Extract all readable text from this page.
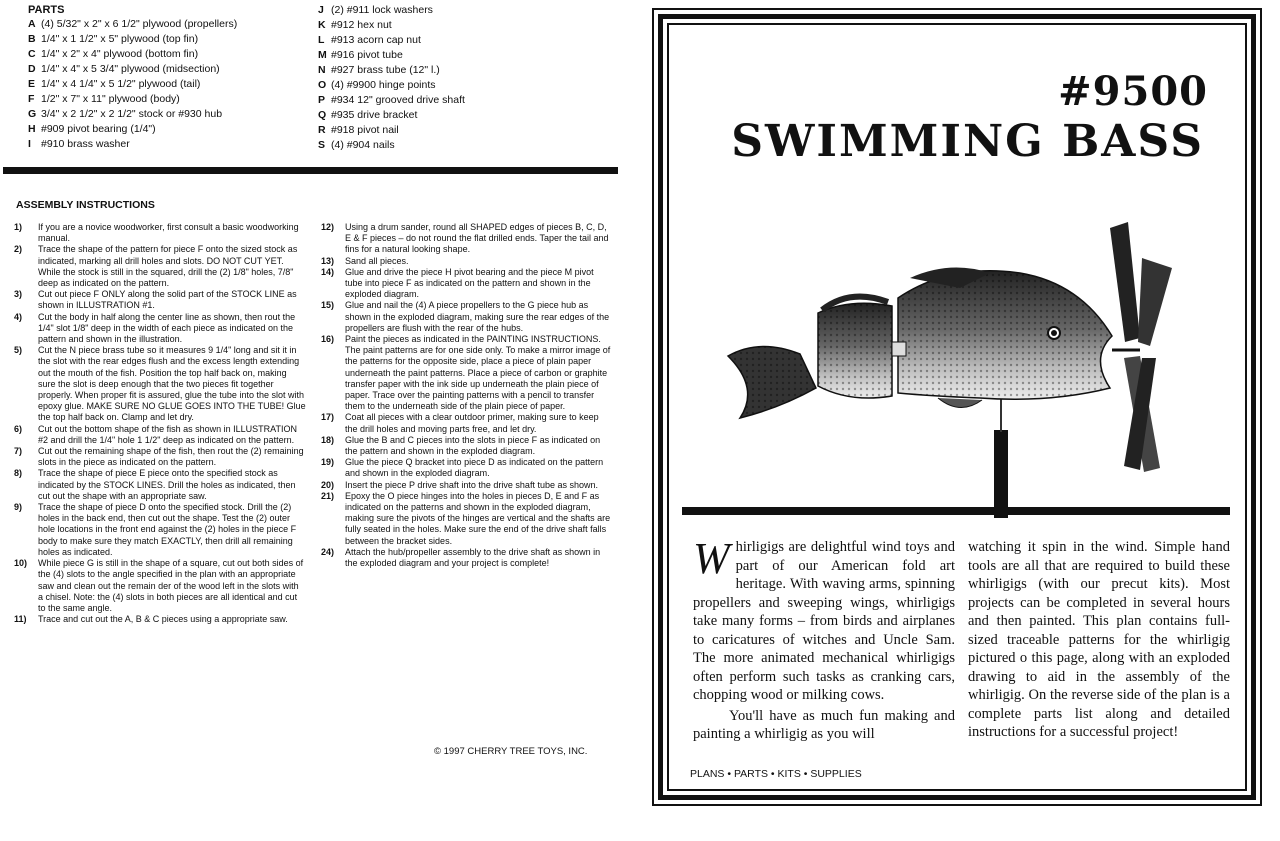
PARTS
A (4) 5/32" x 2" x 6 1/2" plywood (propellers)
B 1/4" x 1 1/2" x 5" plywood (top fin)
C 1/4" x 2" x 4" plywood (bottom fin)
D 1/4" x 4" x 5 3/4" plywood (midsection)
E 1/4" x 4 1/4" x 5 1/2" plywood (tail)
F 1/2" x 7" x 11" plywood (body)
G 3/4" x 2 1/2" x 2 1/2" stock or #930 hub
H #909 pivot bearing (1/4")
I #910 brass washer
J (2) #911 lock washers
K #912 hex nut
L #913 acorn cap nut
M #916 pivot tube
N #927 brass tube (12" l.)
O (4) #9900 hinge points
P #934 12" grooved drive shaft
Q #935 drive bracket
R #918 pivot nail
S (4) #904 nails
ASSEMBLY INSTRUCTIONS
1) If you are a novice woodworker, first consult a basic woodworking manual.
2) Trace the shape of the pattern for piece F onto the sized stock as indicated, marking all drill holes and slots. DO NOT CUT YET. While the stock is still in the squared, drill the (2) 1/8" holes, 7/8" deep as indicated on the pattern.
3) Cut out piece F ONLY along the solid part of the STOCK LINE as shown in ILLUSTRATION #1.
4) Cut the body in half along the center line as shown, then rout the 1/4" slot 1/8" deep in the width of each piece as indicated on the pattern and shown in the illustration.
5) Cut the N piece brass tube so it measures 9 1/4" long and sit it in the slot with the rear edges flush and the excess length extending out the mouth of the fish. Position the top half back on, making sure the slot is deep enough that the two pieces fit together properly. When proper fit is assured, glue the tube into the slot with epoxy glue. MAKE SURE NO GLUE GOES INTO THE TUBE! Glue the top half back on. Clamp and let dry.
6) Cut out the bottom shape of the fish as shown in ILLUSTRATION #2 and drill the 1/4" hole 1 1/2" deep as indicated on the pattern.
7) Cut out the remaining shape of the fish, then rout the (2) remaining slots in the piece as indicated on the pattern.
8) Trace the shape of piece E piece onto the specified stock as indicated by the STOCK LINES. Drill the holes as indicated, then cut out the shape with an appropriate saw.
9) Trace the shape of piece D onto the specified stock. Drill the (2) holes in the back end, then cut out the shape. Test the (2) outer hole locations in the front end against the (2) holes in the piece F body to make sure they match EXACTLY, then drill all remaining holes as indicated.
10) While piece G is still in the shape of a square, cut out both sides of the (4) slots to the angle specified in the plan with an appropriate saw and clean out the remain der of the wood left in the slots with a chisel. Note: the (4) slots in both pieces are all identical and cut to the same angle.
11) Trace and cut out the A, B & C pieces using a appropriate saw.
12) Using a drum sander, round all SHAPED edges of pieces B, C, D, E & F pieces – do not round the flat drilled ends. Taper the tail and fins for a natural looking shape.
13) Sand all pieces.
14) Glue and drive the piece H pivot bearing and the piece M pivot tube into piece F as indicated on the pattern and shown in the exploded diagram.
15) Glue and nail the (4) A piece propellers to the G piece hub as shown in the exploded diagram, making sure the rear edges of the propellers are flush with the rear of the hubs.
16) Paint the pieces as indicated in the PAINTING INSTRUCTIONS. The paint patterns are for one side only. To make a mirror image of the patterns for the opposite side, place a piece of plain paper underneath the paint patterns. Place a piece of carbon or graphite transfer paper with the ink side up underneath the plain piece of paper. Trace over the painting patterns with a pencil to transfer them to the underneath side of the plain piece of paper.
17) Coat all pieces with a clear outdoor primer, making sure to keep the drill holes and moving parts free, and let dry.
18) Glue the B and C pieces into the slots in piece F as indicated on the pattern and shown in the exploded diagram.
19) Glue the piece Q bracket into piece D as indicated on the pattern and shown in the exploded diagram.
20) Insert the piece P drive shaft into the drive shaft tube as shown.
21) Epoxy the O piece hinges into the holes in pieces D, E and F as indicated on the patterns and shown in the exploded diagram, making sure the pivots of the hinges are vertical and the shafts are fully seated in the holes. Make sure the end of the drive shaft falls between the bracket sides.
24) Attach the hub/propeller assembly to the drive shaft as shown in the exploded diagram and your project is complete!
© 1997 CHERRY TREE TOYS, INC.
#9500
SWIMMING BASS

W hirligigs are delightful wind toys and part of our American fold art heritage. With waving arms, spinning propellers and sweeping wings, whirligigs take many forms – from birds and airplanes to caricatures of witches and Uncle Sam. The more animated mechanical whirligigs often perform such tasks as cranking cars, chopping wood or milking cows.

You'll have as much fun making and painting a whirligig as you will

watching it spin in the wind. Simple hand tools are all that are required to build these whirligigs (with our precut kits). Most projects can be completed in several hours and then painted. This plan contains full-sized traceable patterns for the whirligig pictured o this page, along with an exploded drawing to aid in the assembly of the whirligig. On the reverse side of the plan is a complete parts list along and detailed instructions for a successful project!

PLANS • PARTS • KITS • SUPPLIES
